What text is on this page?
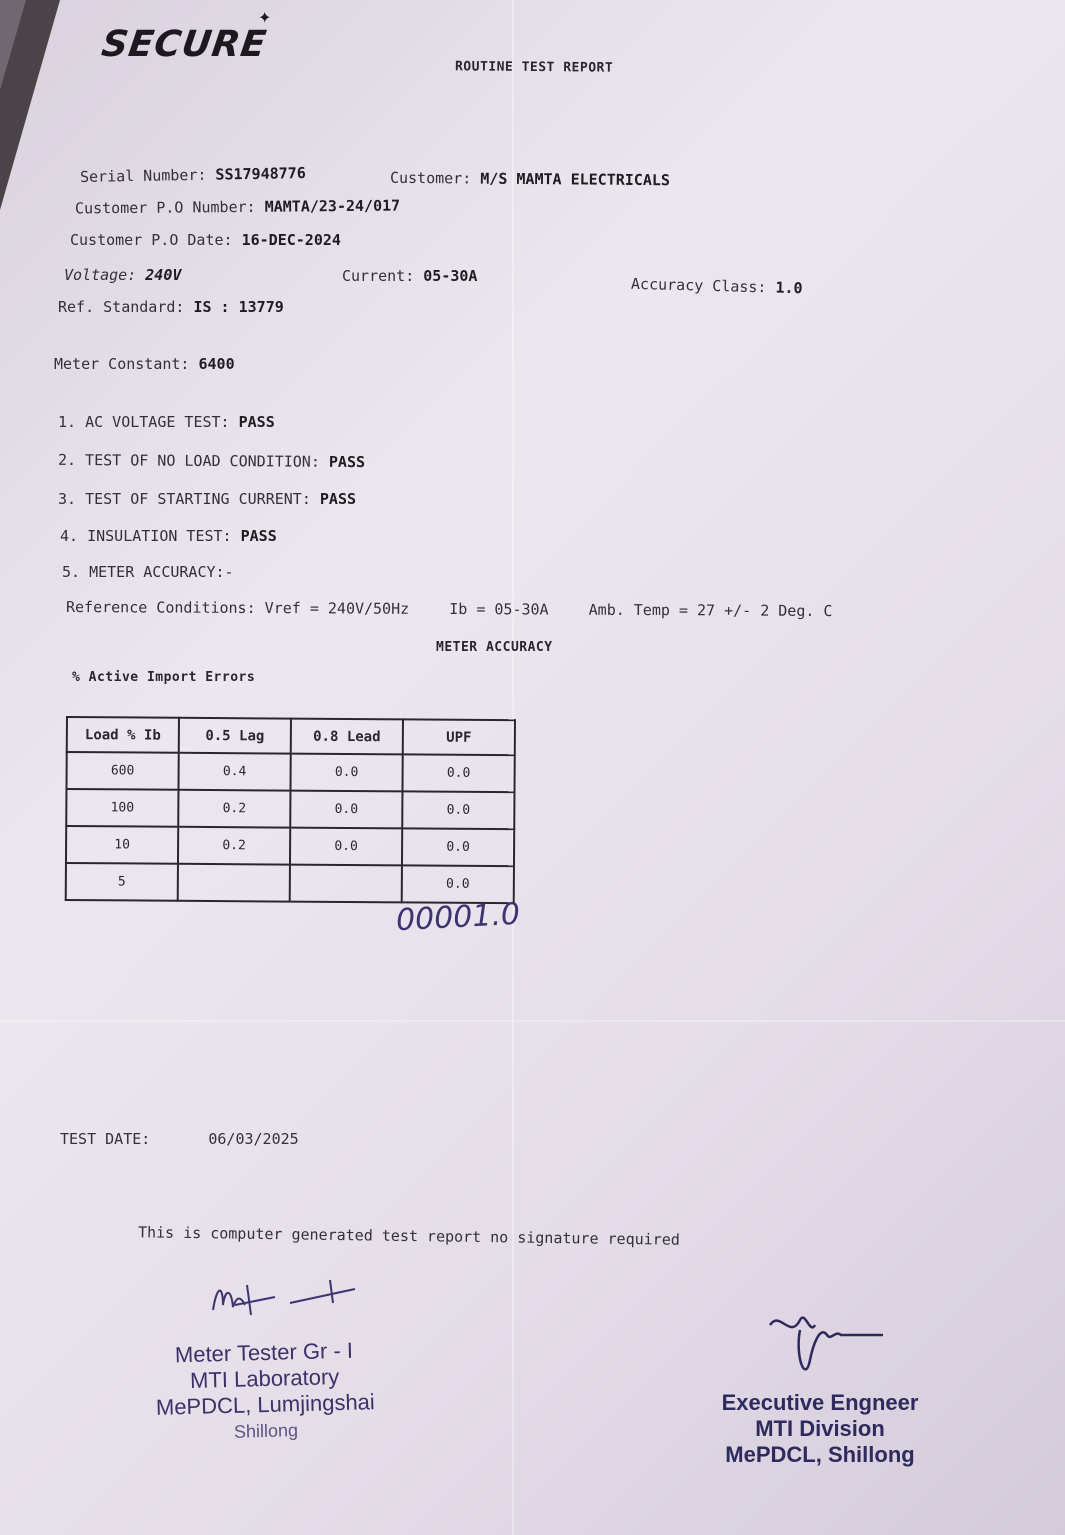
SECURE
✦
ROUTINE TEST REPORT
Serial Number: SS17948776	Customer: M/S MAMTA ELECTRICALS
Customer P.O Number: MAMTA/23-24/017
Customer P.O Date: 16-DEC-2024
Voltage: 240V	Current: 05-30A	Accuracy Class: 1.0
Ref. Standard: IS : 13779
Meter Constant: 6400
1. AC VOLTAGE TEST: PASS
2. TEST OF NO LOAD CONDITION: PASS
3. TEST OF STARTING CURRENT: PASS
4. INSULATION TEST: PASS
5. METER ACCURACY:-
Reference Conditions: Vref = 240V/50Hz	Ib = 05-30A	Amb. Temp = 27 +/- 2 Deg. C
METER ACCURACY
% Active Import Errors
Load % Ib	0.5 Lag	0.8 Lead	UPF
600	0.4	0.0	0.0
100	0.2	0.0	0.0
10	0.2	0.0	0.0
5			0.0
00001.0
TEST DATE:	06/03/2025
This is computer generated test report no signature required
Meter Tester Gr - I
MTI Laboratory
MePDCL, Lumjingshai
Shillong
Executive Engneer
MTI Division
MePDCL, Shillong
